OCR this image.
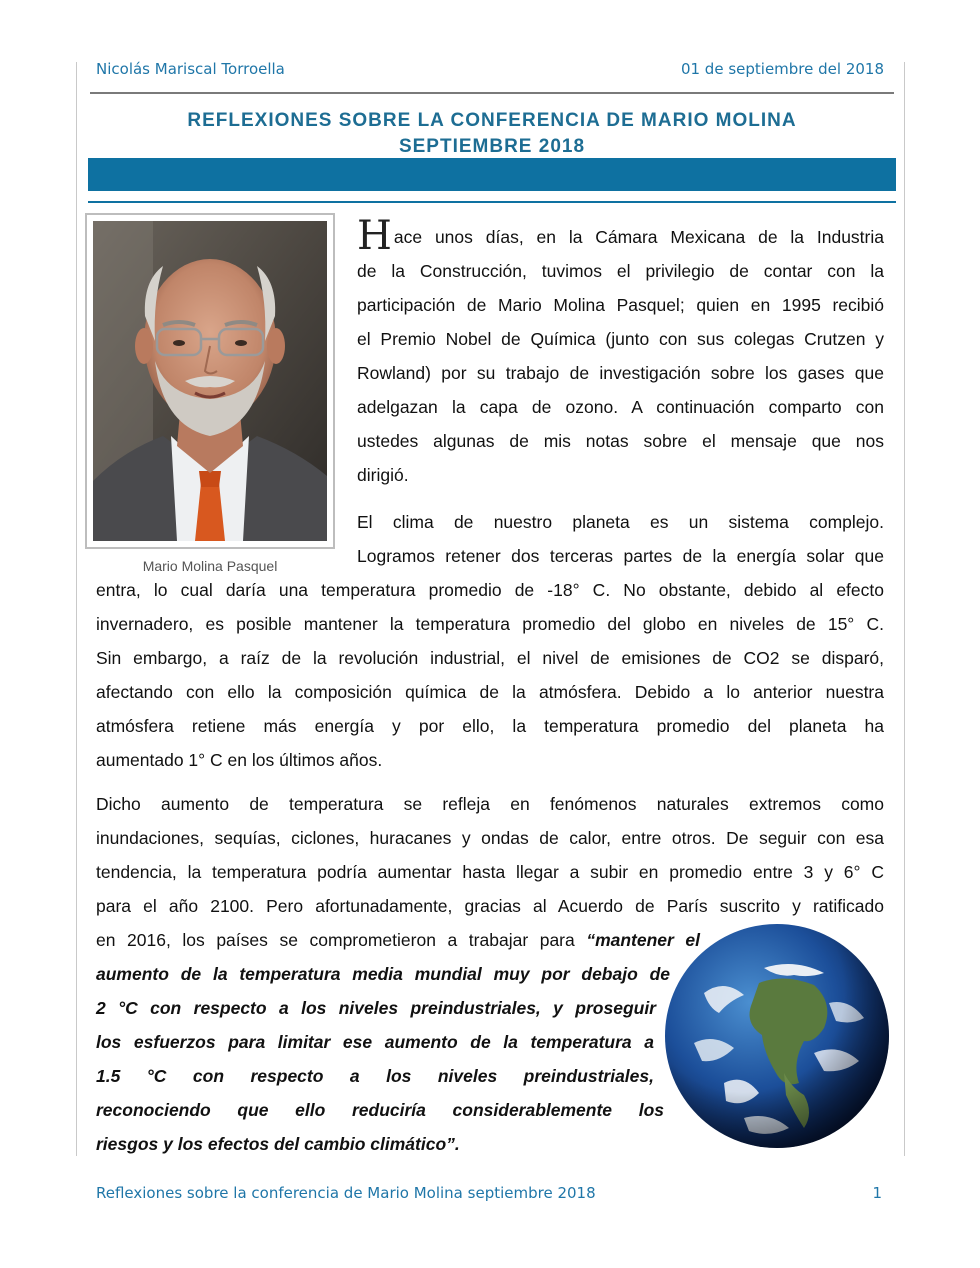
Nicolás Mariscal Torroella	01 de septiembre del 2018
REFLEXIONES SOBRE LA CONFERENCIA DE MARIO MOLINA
SEPTIEMBRE 2018
Mario Molina Pasquel
Hace unos días, en la Cámara Mexicana de la Industria
de la Construcción, tuvimos el privilegio de contar con la
participación de Mario Molina Pasquel; quien en 1995 recibió
el Premio Nobel de Química (junto con sus colegas Crutzen y
Rowland) por su trabajo de investigación sobre los gases que
adelgazan la capa de ozono. A continuación comparto con
ustedes algunas de mis notas sobre el mensaje que nos
dirigió.
El clima de nuestro planeta es un sistema complejo.
Logramos retener dos terceras partes de la energía solar que
entra, lo cual daría una temperatura promedio de -18° C. No obstante, debido al efecto
invernadero, es posible mantener la temperatura promedio del globo en niveles de 15° C.
Sin embargo, a raíz de la revolución industrial, el nivel de emisiones de CO2 se disparó,
afectando con ello la composición química de la atmósfera. Debido a lo anterior nuestra
atmósfera retiene más energía y por ello, la temperatura promedio del planeta ha
aumentado 1° C en los últimos años.
Dicho aumento de temperatura se refleja en fenómenos naturales extremos como
inundaciones, sequías, ciclones, huracanes y ondas de calor, entre otros. De seguir con esa
tendencia, la temperatura podría aumentar hasta llegar a subir en promedio entre 3 y 6° C
para el año 2100. Pero afortunadamente, gracias al Acuerdo de París suscrito y ratificado
en 2016, los países se comprometieron a trabajar para “mantener el
aumento de la temperatura media mundial muy por debajo de
2 °C con respecto a los niveles preindustriales, y proseguir
los esfuerzos para limitar ese aumento de la temperatura a
1.5 °C con respecto a los niveles preindustriales,
reconociendo que ello reduciría considerablemente los
riesgos y los efectos del cambio climático”.
Reflexiones sobre la conferencia de Mario Molina septiembre 2018	1
